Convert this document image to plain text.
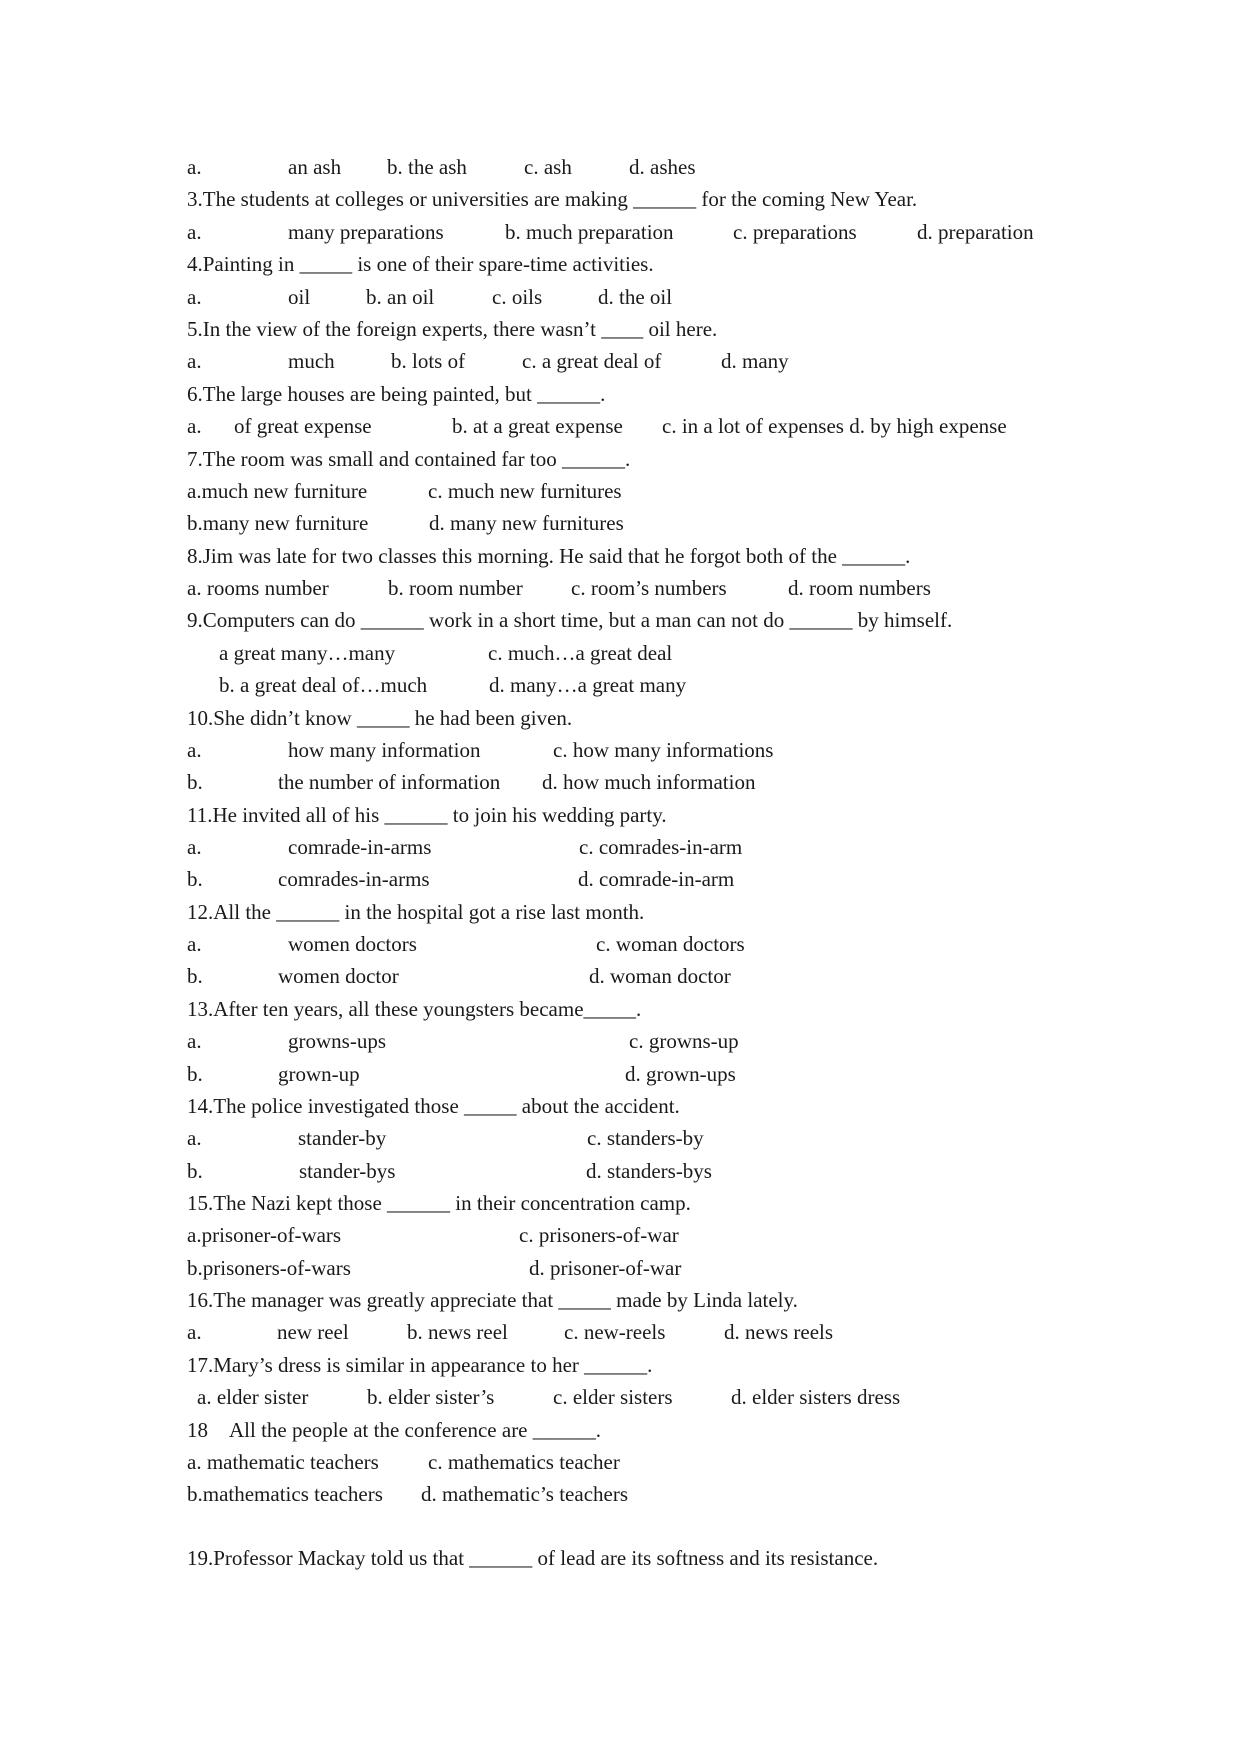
a.	an ash b. the ash	c. ash	d. ashes
3.The students at colleges or universities are making ______ for the coming New Year.
a.	many preparations	b. much preparation	c. preparations	d. preparation
4.Painting in _____ is one of their spare-time activities.
a.	oil	b. an oil	c. oils	d. the oil
5.In the view of the foreign experts, there wasn’t ____ oil here.
a.	much	b. lots of	c. a great deal of	d. many
6.The large houses are being painted, but ______.
a. of great expense	b. at a great expense c. in a lot of expenses d. by high expense
7.The room was small and contained far too ______.
a.much new furniture	c. much new furnitures
b.many new furniture	d. many new furnitures
8.Jim was late for two classes this morning. He said that he forgot both of the ______.
a. rooms number	b. room number c. room’s numbers	d. room numbers
9.Computers can do ______ work in a short time, but a man can not do ______ by himself.
a great many…many	c. much…a great deal
b. a great deal of…much	d. many…a great many
10.She didn’t know _____ he had been given.
a.	how many information	c. how many informations
b.	the number of information d. how much information
11.He invited all of his ______ to join his wedding party.
a.	comrade-in-arms	c. comrades-in-arm
b.	comrades-in-arms	d. comrade-in-arm
12.All the ______ in the hospital got a rise last month.
a.	women doctors	c. woman doctors
b.	women doctor	d. woman doctor
13.After ten years, all these youngsters became_____.
a.	growns-ups	c. growns-up
b.	grown-up	d. grown-ups
14.The police investigated those _____ about the accident.
a.	stander-by	c. standers-by
b.	stander-bys	d. standers-bys
15.The Nazi kept those ______ in their concentration camp.
a.prisoner-of-wars	c. prisoners-of-war
b.prisoners-of-wars	d. prisoner-of-war
16.The manager was greatly appreciate that _____ made by Linda lately.
a.	new reel	b. news reel	c. new-reels	d. news reels
17.Mary’s dress is similar in appearance to her ______.
a. elder sister	b. elder sister’s	c. elder sisters	d. elder sisters dress
18 All the people at the conference are ______.
a. mathematic teachers c. mathematics teacher
b.mathematics teachers d. mathematic’s teachers
19.Professor Mackay told us that ______ of lead are its softness and its resistance.
